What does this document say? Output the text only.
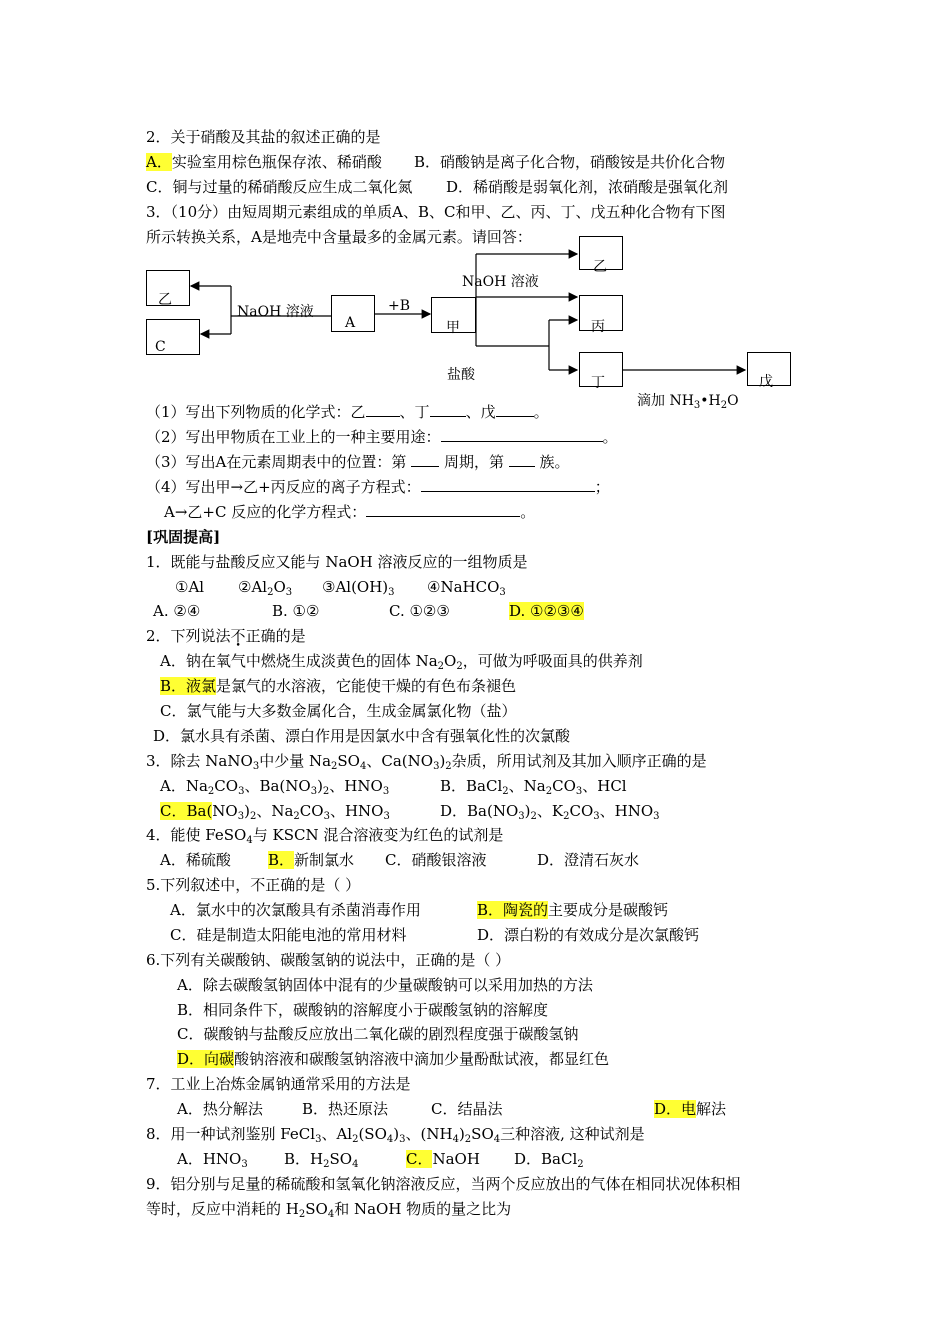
2．关于硝酸及其盐的叙述正确的是
A．实验室用棕色瓶保存浓、稀硝酸 B．硝酸钠是离子化合物，硝酸铵是共价化合物
C．铜与过量的稀硝酸反应生成二氧化氮 D．稀硝酸是弱氧化剂，浓硝酸是强氧化剂
3．（10分）由短周期元素组成的单质A、B、C和甲、乙、丙、丁、戊五种化合物有下图
所示转换关系，A是地壳中含量最多的金属元素。请回答：
乙
C
A	甲
乙
丙
丁	戊
NaOH 溶液	+B
NaOH 溶液
盐酸
滴加 $NH_3•H_2O$
（1）写出下列物质的化学式：乙 、丁 、戊	。
（2）写出甲物质在工业上的一种主要用途：	。
（3）写出A在元素周期表中的位置：第	周期，第 族。
（4）写出甲→乙+丙反应的离子方程式：	；
A→乙+C 反应的化学方程式：	。
[巩固提高]
1．既能与盐酸反应又能与 NaOH 溶液反应的一组物质是
①Al $②Al_2O_3$ $③Al(OH)_3$ ④NaHCO$_3$
A. ②④	B. ①②	C. ①②③	D. ①②③④
2．下列说法不正确的是
A．钠在氧气中燃烧生成淡黄色的固体 $Na_2O_2$，可做为呼吸面具的供养剂
B．液氯是氯气的水溶液，它能使干燥的有色布条褪色
C．氯气能与大多数金属化合，生成金属氯化物（盐）
D．氯水具有杀菌、漂白作用是因氯水中含有强氧化性的次氯酸
3．除去 NaNO$_3$中少量 $Na_2SO_4$、$Ca(NO_3)_2$杂质，所用试剂及其加入顺序正确的是
A．$Na_2CO_3$、$Ba(NO_3)_2$、$HNO_3$	B．BaCl$_2$、$Na_2CO_3$、HCl
C．$Ba(NO_3)_2$、$Na_2CO_3$、$HNO_3$	D．$Ba(NO_3)_2$、$K_2CO_3$、$HNO_3$
4．能使 FeSO$_4$与 KSCN 混合溶液变为红色的试剂是
A．稀硫酸 B．新制氯水 C．硝酸银溶液	D．澄清石灰水
5.下列叙述中，不正确的是（ ）
A．氯水中的次氯酸具有杀菌消毒作用	B．陶瓷的主要成分是碳酸钙
C．硅是制造太阳能电池的常用材料	D．漂白粉的有效成分是次氯酸钙
6.下列有关碳酸钠、碳酸氢钠的说法中，正确的是（ ）
A．除去碳酸氢钠固体中混有的少量碳酸钠可以采用加热的方法
B．相同条件下，碳酸钠的溶解度小于碳酸氢钠的溶解度
C．碳酸钠与盐酸反应放出二氧化碳的剧烈程度强于碳酸氢钠
D．向碳酸钠溶液和碳酸氢钠溶液中滴加少量酚酞试液，都显红色
7．工业上冶炼金属钠通常采用的方法是
A．热分解法	B．热还原法	C．结晶法	D．电解法
8．用一种试剂鉴别 FeCl$_3$、$Al_2(SO_4)_3$、$(NH_4)_2SO_4$三种溶液, 这种试剂是
A．$HNO_3$ B．$H_2SO_4$	C．NaOH D．BaCl$_2$
9．铝分别与足量的稀硫酸和氢氧化钠溶液反应，当两个反应放出的气体在相同状况体积相
等时，反应中消耗的 $H_2SO_4$和 NaOH 物质的量之比为
